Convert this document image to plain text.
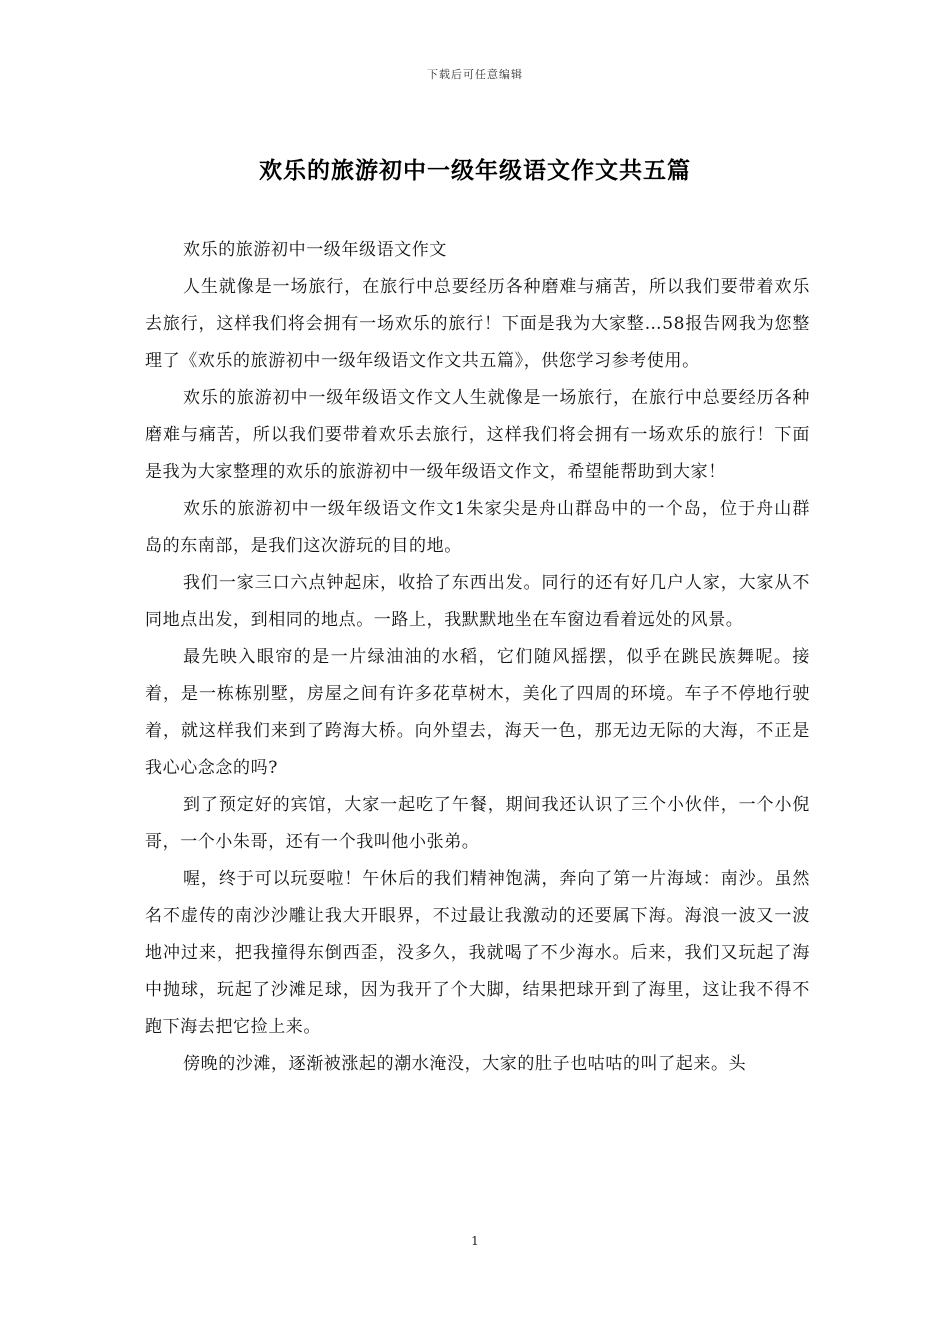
下载后可任意编辑
欢乐的旅游初中一级年级语文作文共五篇

欢乐的旅游初中一级年级语文作文

人生就像是一场旅行，在旅行中总要经历各种磨难与痛苦，所以我们要带着欢乐去旅行，这样我们将会拥有一场欢乐的旅行！下面是我为大家整…58报告网我为您整理了《欢乐的旅游初中一级年级语文作文共五篇》，供您学习参考使用。

欢乐的旅游初中一级年级语文作文人生就像是一场旅行，在旅行中总要经历各种磨难与痛苦，所以我们要带着欢乐去旅行，这样我们将会拥有一场欢乐的旅行！下面是我为大家整理的欢乐的旅游初中一级年级语文作文，希望能帮助到大家！

欢乐的旅游初中一级年级语文作文1朱家尖是舟山群岛中的一个岛，位于舟山群岛的东南部，是我们这次游玩的目的地。

我们一家三口六点钟起床，收拾了东西出发。同行的还有好几户人家，大家从不同地点出发，到相同的地点。一路上，我默默地坐在车窗边看着远处的风景。

最先映入眼帘的是一片绿油油的水稻，它们随风摇摆，似乎在跳民族舞呢。接着，是一栋栋别墅，房屋之间有许多花草树木，美化了四周的环境。车子不停地行驶着，就这样我们来到了跨海大桥。向外望去，海天一色，那无边无际的大海，不正是我心心念念的吗?

到了预定好的宾馆，大家一起吃了午餐，期间我还认识了三个小伙伴，一个小倪哥，一个小朱哥，还有一个我叫他小张弟。

喔，终于可以玩耍啦！午休后的我们精神饱满，奔向了第一片海域：南沙。虽然名不虚传的南沙沙雕让我大开眼界，不过最让我激动的还要属下海。海浪一波又一波地冲过来，把我撞得东倒西歪，没多久，我就喝了不少海水。后来，我们又玩起了海中抛球，玩起了沙滩足球，因为我开了个大脚，结果把球开到了海里，这让我不得不跑下海去把它捡上来。

傍晚的沙滩，逐渐被涨起的潮水淹没，大家的肚子也咕咕的叫了起来。头

1
